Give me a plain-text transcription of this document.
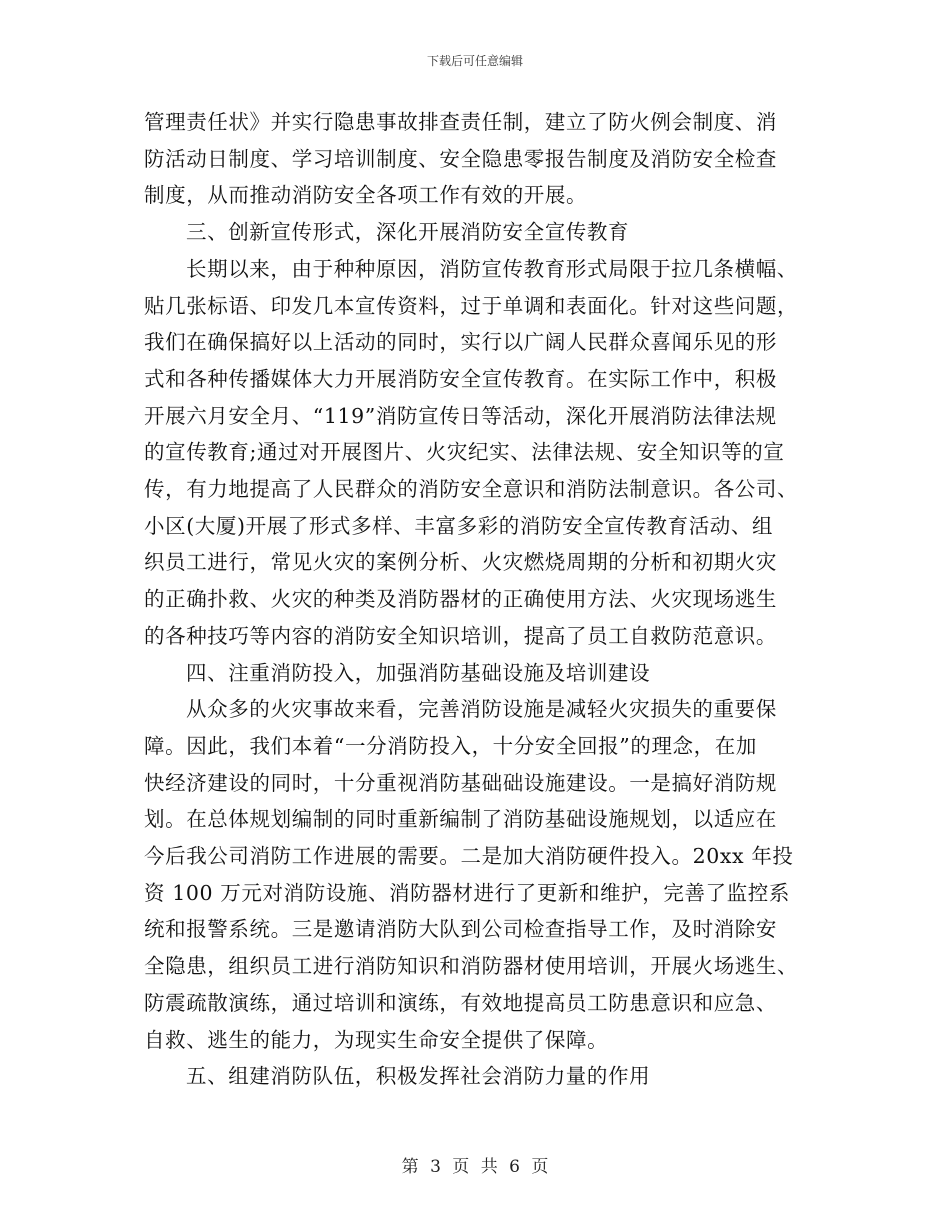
下载后可任意编辑
管理责任状》并实行隐患事故排查责任制，建立了防火例会制度、消
防活动日制度、学习培训制度、安全隐患零报告制度及消防安全检查
制度，从而推动消防安全各项工作有效的开展。
三、创新宣传形式，深化开展消防安全宣传教育
长期以来，由于种种原因，消防宣传教育形式局限于拉几条横幅、
贴几张标语、印发几本宣传资料，过于单调和表面化。针对这些问题，
我们在确保搞好以上活动的同时，实行以广阔人民群众喜闻乐见的形
式和各种传播媒体大力开展消防安全宣传教育。在实际工作中，积极
开展六月安全月、“119”消防宣传日等活动，深化开展消防法律法规
的宣传教育;通过对开展图片、火灾纪实、法律法规、安全知识等的宣
传，有力地提高了人民群众的消防安全意识和消防法制意识。各公司、
小区(大厦)开展了形式多样、丰富多彩的消防安全宣传教育活动、组
织员工进行，常见火灾的案例分析、火灾燃烧周期的分析和初期火灾
的正确扑救、火灾的种类及消防器材的正确使用方法、火灾现场逃生
的各种技巧等内容的消防安全知识培训，提高了员工自救防范意识。
四、注重消防投入，加强消防基础设施及培训建设
从众多的火灾事故来看，完善消防设施是减轻火灾损失的重要保
障。因此，我们本着“一分消防投入，十分安全回报”的理念，在加
快经济建设的同时，十分重视消防基础础设施建设。一是搞好消防规
划。在总体规划编制的同时重新编制了消防基础设施规划，以适应在
今后我公司消防工作进展的需要。二是加大消防硬件投入。20xx 年投
资 100 万元对消防设施、消防器材进行了更新和维护，完善了监控系
统和报警系统。三是邀请消防大队到公司检查指导工作，及时消除安
全隐患，组织员工进行消防知识和消防器材使用培训，开展火场逃生、
防震疏散演练，通过培训和演练，有效地提高员工防患意识和应急、
自救、逃生的能力，为现实生命安全提供了保障。
五、组建消防队伍，积极发挥社会消防力量的作用
第 3 页 共 6 页
